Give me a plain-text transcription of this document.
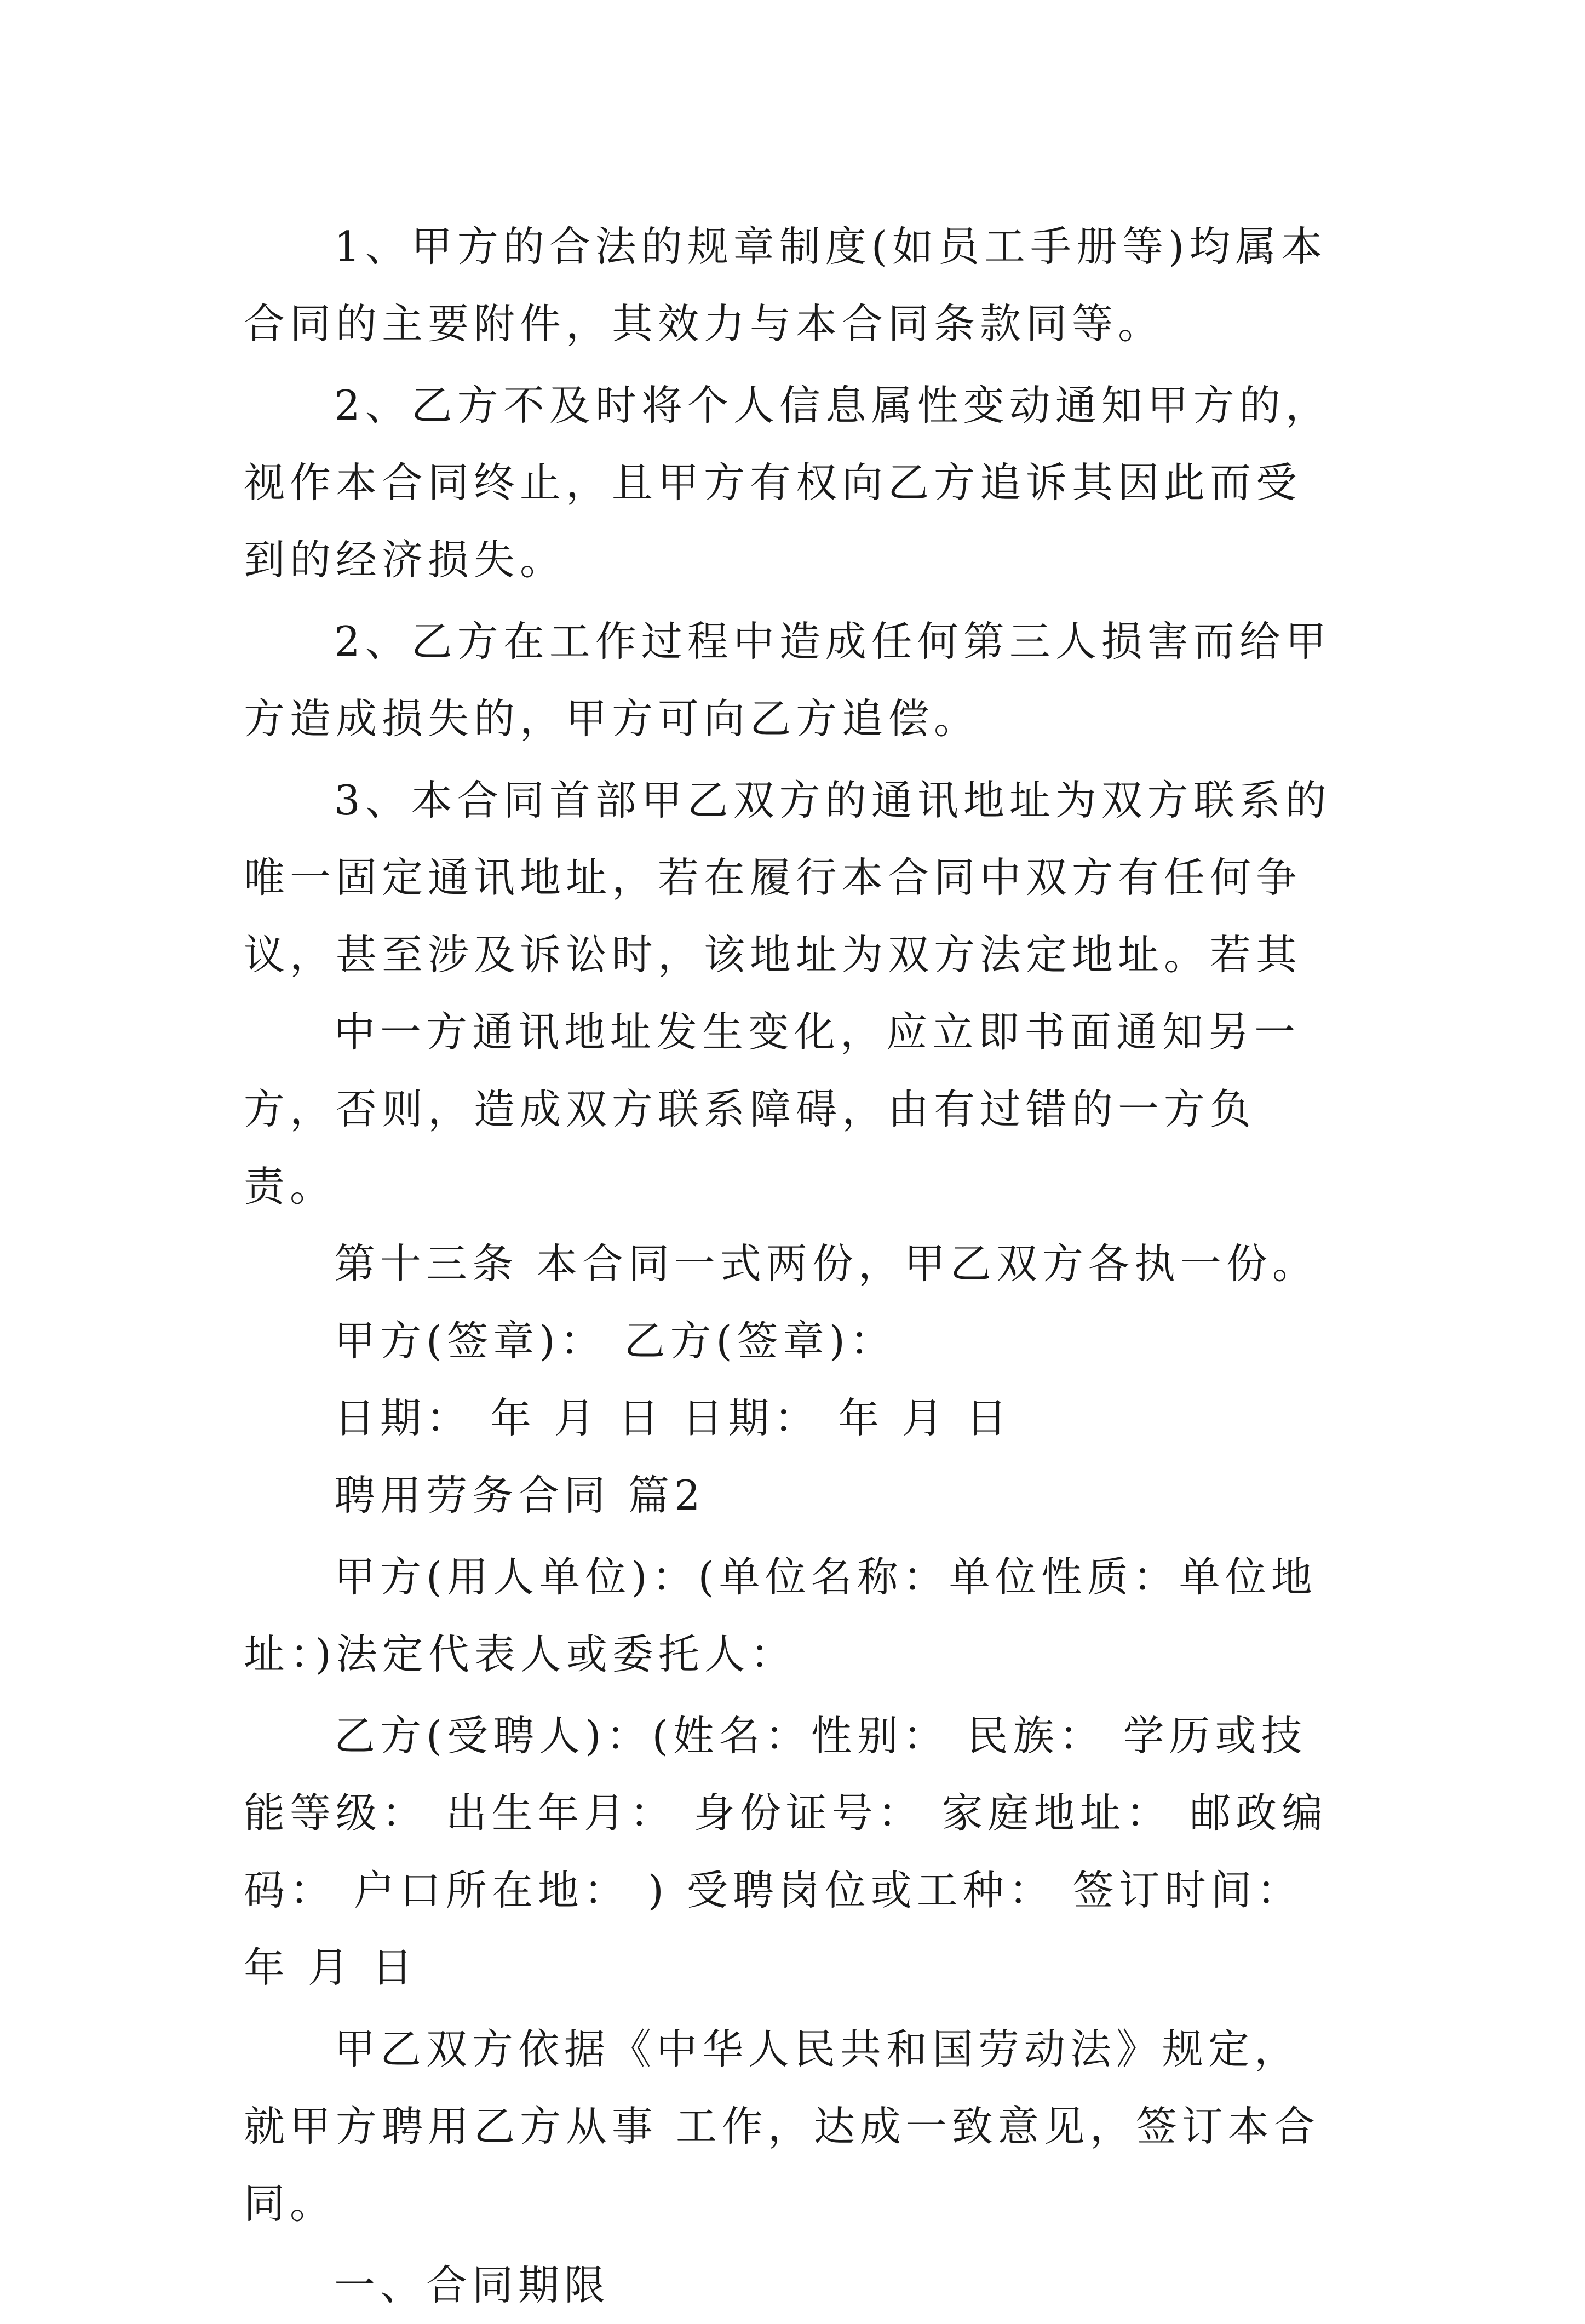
1、甲方的合法的规章制度(如员工手册等)均属本合同的主要附件，其效力与本合同条款同等。

2、乙方不及时将个人信息属性变动通知甲方的，视作本合同终止，且甲方有权向乙方追诉其因此而受到的经济损失。

2、乙方在工作过程中造成任何第三人损害而给甲方造成损失的，甲方可向乙方追偿。

3、本合同首部甲乙双方的通讯地址为双方联系的唯一固定通讯地址，若在履行本合同中双方有任何争议，甚至涉及诉讼时，该地址为双方法定地址。若其

中一方通讯地址发生变化，应立即书面通知另一方，否则，造成双方联系障碍，由有过错的一方负责。

第十三条 本合同一式两份，甲乙双方各执一份。

甲方(签章)： 乙方(签章)：

日期： 年 月 日 日期： 年 月 日

聘用劳务合同 篇2

甲方(用人单位)：(单位名称：单位性质：单位地址：)法定代表人或委托人：

乙方(受聘人)：(姓名：性别： 民族： 学历或技能等级： 出生年月： 身份证号： 家庭地址： 邮政编码： 户口所在地： ) 受聘岗位或工种： 签订时间： 年 月 日

甲乙双方依据《中华人民共和国劳动法》规定，就甲方聘用乙方从事 工作，达成一致意见，签订本合同。

一、合同期限
